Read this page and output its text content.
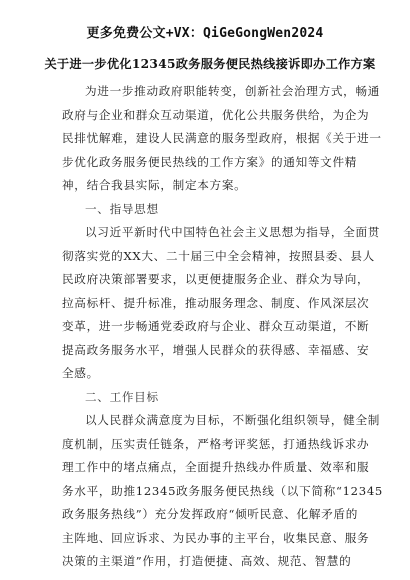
更多免费公文+VX：QiGeGongWen2024
关于进一步优化12345政务服务便民热线接诉即办工作方案
为进一步推动政府职能转变，创新社会治理方式，畅通
政府与企业和群众互动渠道，优化公共服务供给，为企为
民排忧解难，建设人民满意的服务型政府，根据《关于进一
步优化政务服务便民热线的工作方案》的通知等文件精
神，结合我县实际，制定本方案。
一、指导思想
以习近平新时代中国特色社会主义思想为指导，全面贯
彻落实党的XX大、二十届三中全会精神，按照县委、县人
民政府决策部署要求，以更便捷服务企业、群众为导向，
拉高标杆、提升标准，推动服务理念、制度、作风深层次
变革，进一步畅通党委政府与企业、群众互动渠道，不断
提高政务服务水平，增强人民群众的获得感、幸福感、安
全感。
二、工作目标
以人民群众满意度为目标，不断强化组织领导，健全制
度机制，压实责任链条，严格考评奖惩，打通热线诉求办
理工作中的堵点痛点，全面提升热线办件质量、效率和服
务水平，助推12345政务服务便民热线（以下简称“12345
政务服务热线”）充分发挥政府“倾听民意、化解矛盾的
主阵地、回应诉求、为民办事的主平台，收集民意、服务
决策的主渠道”作用，打造便捷、高效、规范、智慧的
